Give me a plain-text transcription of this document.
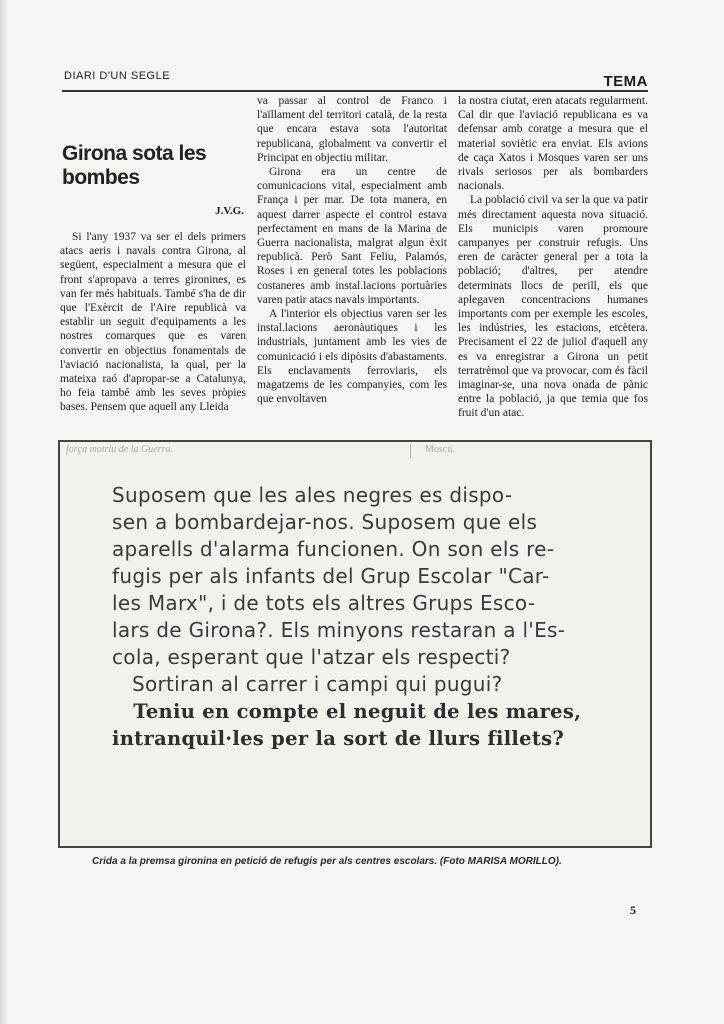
DIARI D'UN SEGLE	TEMA
Girona sota les bombes
J.V.G.

Si l'any 1937 va ser el dels primers atacs aeris i navals contra Girona, al següent, especialment a mesura que el front s'apropava a terres gironines, es van fer més habituals. També s'ha de dir que l'Exèrcit de l'Aire republicà va establir un seguit d'equipaments a les nostres comarques que es varen convertir en objectius fonamentals de l'aviació nacionalista, la qual, per la mateixa raó d'apropar-se a Catalunya, ho feia també amb les seves pròpies bases. Pensem que aquell any Lleida

va passar al control de Franco i l'aïllament del territori català, de la resta que encara estava sota l'autoritat republicana, globalment va convertir el Principat en objectiu militar.

Girona era un centre de comunicacions vital, especialment amb França i per mar. De tota manera, en aquest darrer aspecte el control estava perfectament en mans de la Marina de Guerra nacionalista, malgrat algun èxit republicà. Però Sant Feliu, Palamós, Roses i en general totes les poblacions costaneres amb instal.lacions portuàries varen patir atacs navals importants.

A l'interior els objectius varen ser les instal.lacions aeronàutiques i les industrials, juntament amb les vies de comunicació i els dipòsits d'abastaments. Els enclavaments ferroviaris, els magatzems de les companyies, com les que envoltaven

la nostra ciutat, eren atacats regularment. Cal dir que l'aviació republicana es va defensar amb coratge a mesura que el material soviètic era enviat. Els avions de caça Xatos i Mosques varen ser uns rivals seriosos per als bombarders nacionals.

La població civil va ser la que va patir més directament aquesta nova situació. Els municipis varen promoure campanyes per construir refugis. Uns eren de caràcter general per a tota la població; d'altres, per atendre determinats llocs de perill, els que aplegaven concentracions humanes importants com per exemple les escoles, les indústries, les estacions, etcètera. Precisament el 22 de juliol d'aquell any es va enregistrar a Girona un petit terratrèmol que va provocar, com és fàcil imaginar-se, una nova onada de pànic entre la població, ja que temia que fos fruit d'un atac.

força motriu de la Guerra.	Moscú.
Suposem que les ales negres es dispo-
sen a bombardejar-nos. Suposem que els
aparells d'alarma funcionen. On son els re-
fugis per als infants del Grup Escolar "Car-
les Marx", i de tots els altres Grups Esco-
lars de Girona?. Els minyons restaran a l'Es-
cola, esperant que l'atzar els respecti?
Sortiran al carrer i campi qui pugui?
Teniu en compte el neguit de les mares,
intranquil·les per la sort de llurs fillets?
Crida a la premsa gironina en petició de refugis per als centres escolars. (Foto MARISA MORILLO).
5
